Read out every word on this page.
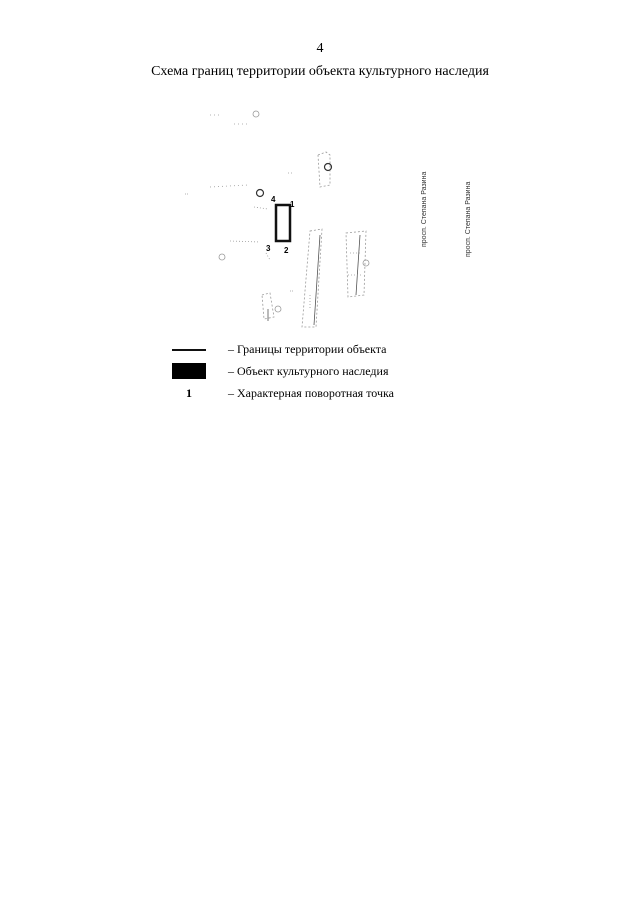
4
Схема границ территории объекта культурного наследия
4
1
2
3
просп. Степана Разина	просп. Степана Разина
– Границы территории объекта
– Объект культурного наследия
1	– Характерная поворотная точка
